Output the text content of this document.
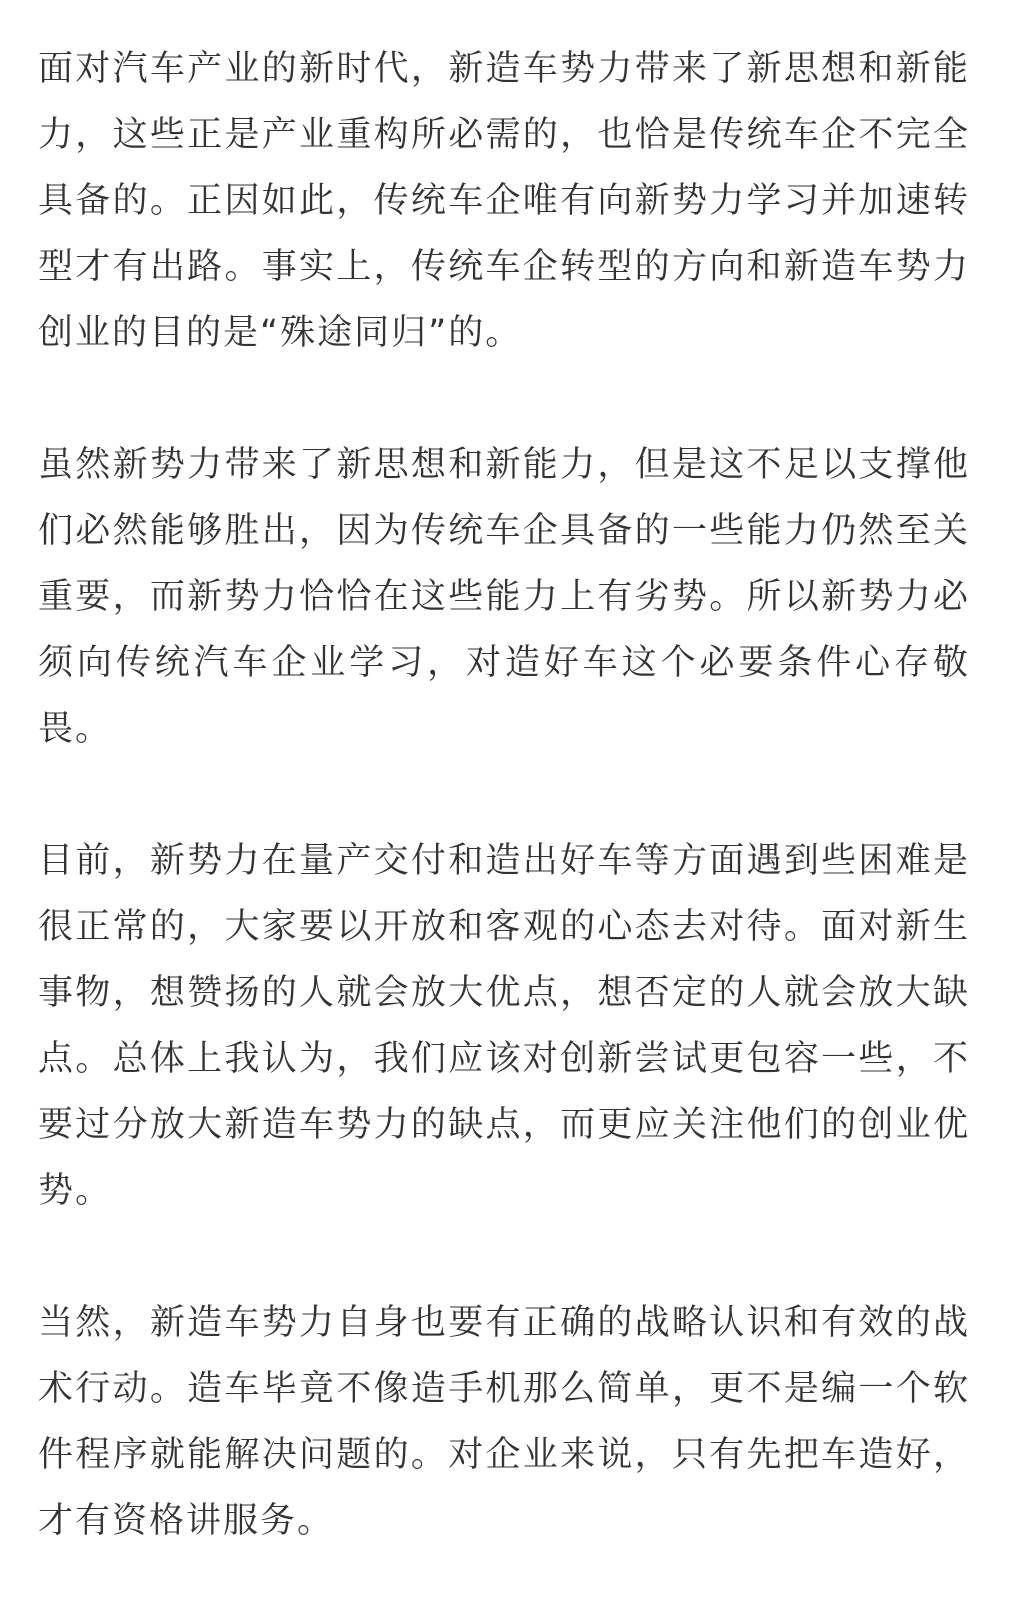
面对汽车产业的新时代，新造车势力带来了新思想和新能
力，这些正是产业重构所必需的，也恰是传统车企不完全
具备的。正因如此，传统车企唯有向新势力学习并加速转
型才有出路。事实上，传统车企转型的方向和新造车势力
创业的目的是“殊途同归”的。
虽然新势力带来了新思想和新能力，但是这不足以支撑他
们必然能够胜出，因为传统车企具备的一些能力仍然至关
重要，而新势力恰恰在这些能力上有劣势。所以新势力必
须向传统汽车企业学习，对造好车这个必要条件心存敬
畏。
目前，新势力在量产交付和造出好车等方面遇到些困难是
很正常的，大家要以开放和客观的心态去对待。面对新生
事物，想赞扬的人就会放大优点，想否定的人就会放大缺
点。总体上我认为，我们应该对创新尝试更包容一些，不
要过分放大新造车势力的缺点，而更应关注他们的创业优
势。
当然，新造车势力自身也要有正确的战略认识和有效的战
术行动。造车毕竟不像造手机那么简单，更不是编一个软
件程序就能解决问题的。对企业来说，只有先把车造好，
才有资格讲服务。
